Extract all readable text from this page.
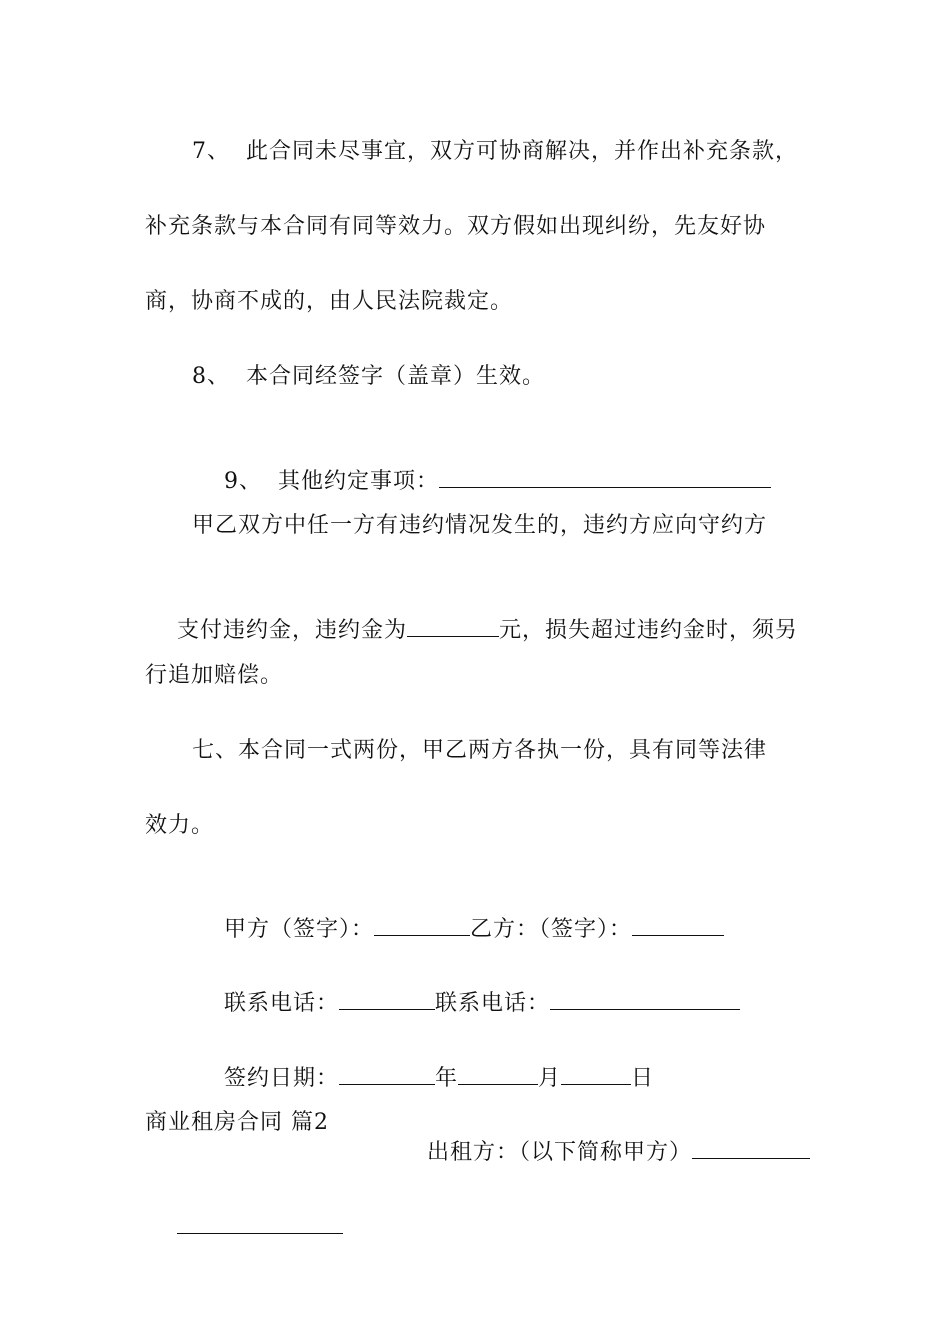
7、  此合同未尽事宜，双方可协商解决，并作出补充条款，
补充条款与本合同有同等效力。双方假如出现纠纷，先友好协
商，协商不成的，由人民法院裁定。
8、  本合同经签字（盖章）生效。

9、  其他约定事项：

甲乙双方中任一方有违约情况发生的，违约方应向守约方

支付违约金，违约金为	元，损失超过违约金时，须另

行追加赔偿。
七、本合同一式两份，甲乙两方各执一份，具有同等法律
效力。

甲方（签字）：	乙方：（签字）：

联系电话：	联系电话：

签约日期：	年	月	日

商业租房合同 篇2

出租方：（以下简称甲方）
